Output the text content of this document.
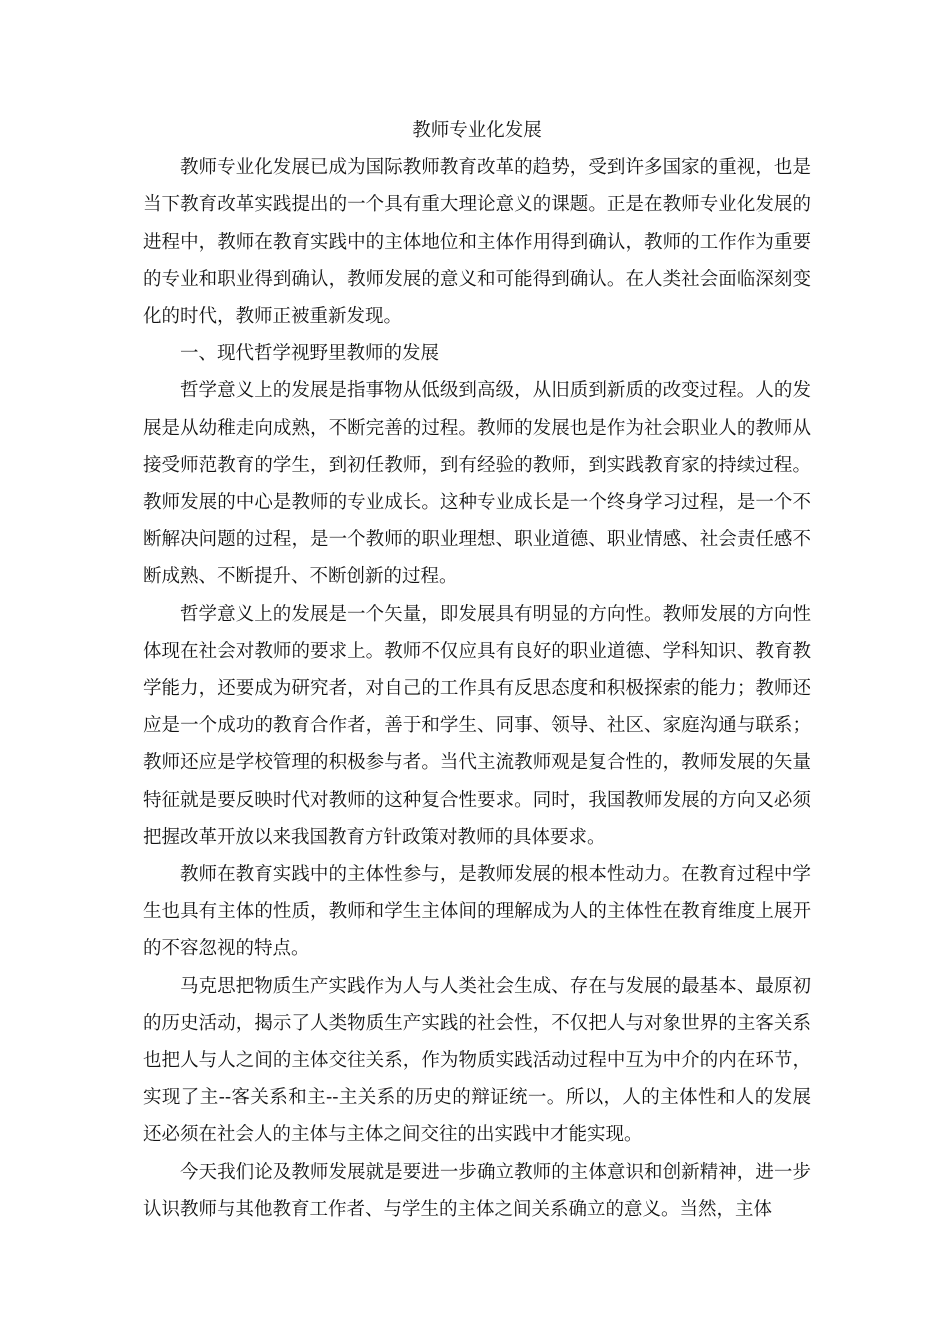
教师专业化发展

教师专业化发展已成为国际教师教育改革的趋势，受到许多国家的重视，也是当下教育改革实践提出的一个具有重大理论意义的课题。正是在教师专业化发展的进程中，教师在教育实践中的主体地位和主体作用得到确认，教师的工作作为重要的专业和职业得到确认，教师发展的意义和可能得到确认。在人类社会面临深刻变化的时代，教师正被重新发现。

一、现代哲学视野里教师的发展

哲学意义上的发展是指事物从低级到高级，从旧质到新质的改变过程。人的发展是从幼稚走向成熟，不断完善的过程。教师的发展也是作为社会职业人的教师从接受师范教育的学生，到初任教师，到有经验的教师，到实践教育家的持续过程。教师发展的中心是教师的专业成长。这种专业成长是一个终身学习过程，是一个不断解决问题的过程，是一个教师的职业理想、职业道德、职业情感、社会责任感不断成熟、不断提升、不断创新的过程。

哲学意义上的发展是一个矢量，即发展具有明显的方向性。教师发展的方向性体现在社会对教师的要求上。教师不仅应具有良好的职业道德、学科知识、教育教学能力，还要成为研究者，对自己的工作具有反思态度和积极探索的能力；教师还应是一个成功的教育合作者，善于和学生、同事、领导、社区、家庭沟通与联系；教师还应是学校管理的积极参与者。当代主流教师观是复合性的，教师发展的矢量特征就是要反映时代对教师的这种复合性要求。同时，我国教师发展的方向又必须把握改革开放以来我国教育方针政策对教师的具体要求。

教师在教育实践中的主体性参与，是教师发展的根本性动力。在教育过程中学生也具有主体的性质，教师和学生主体间的理解成为人的主体性在教育维度上展开的不容忽视的特点。

马克思把物质生产实践作为人与人类社会生成、存在与发展的最基本、最原初的历史活动，揭示了人类物质生产实践的社会性，不仅把人与对象世界的主客关系也把人与人之间的主体交往关系，作为物质实践活动过程中互为中介的内在环节，实现了主--客关系和主--主关系的历史的辩证统一。所以，人的主体性和人的发展还必须在社会人的主体与主体之间交往的出实践中才能实现。

今天我们论及教师发展就是要进一步确立教师的主体意识和创新精神，进一步认识教师与其他教育工作者、与学生的主体之间关系确立的意义。当然，主体
